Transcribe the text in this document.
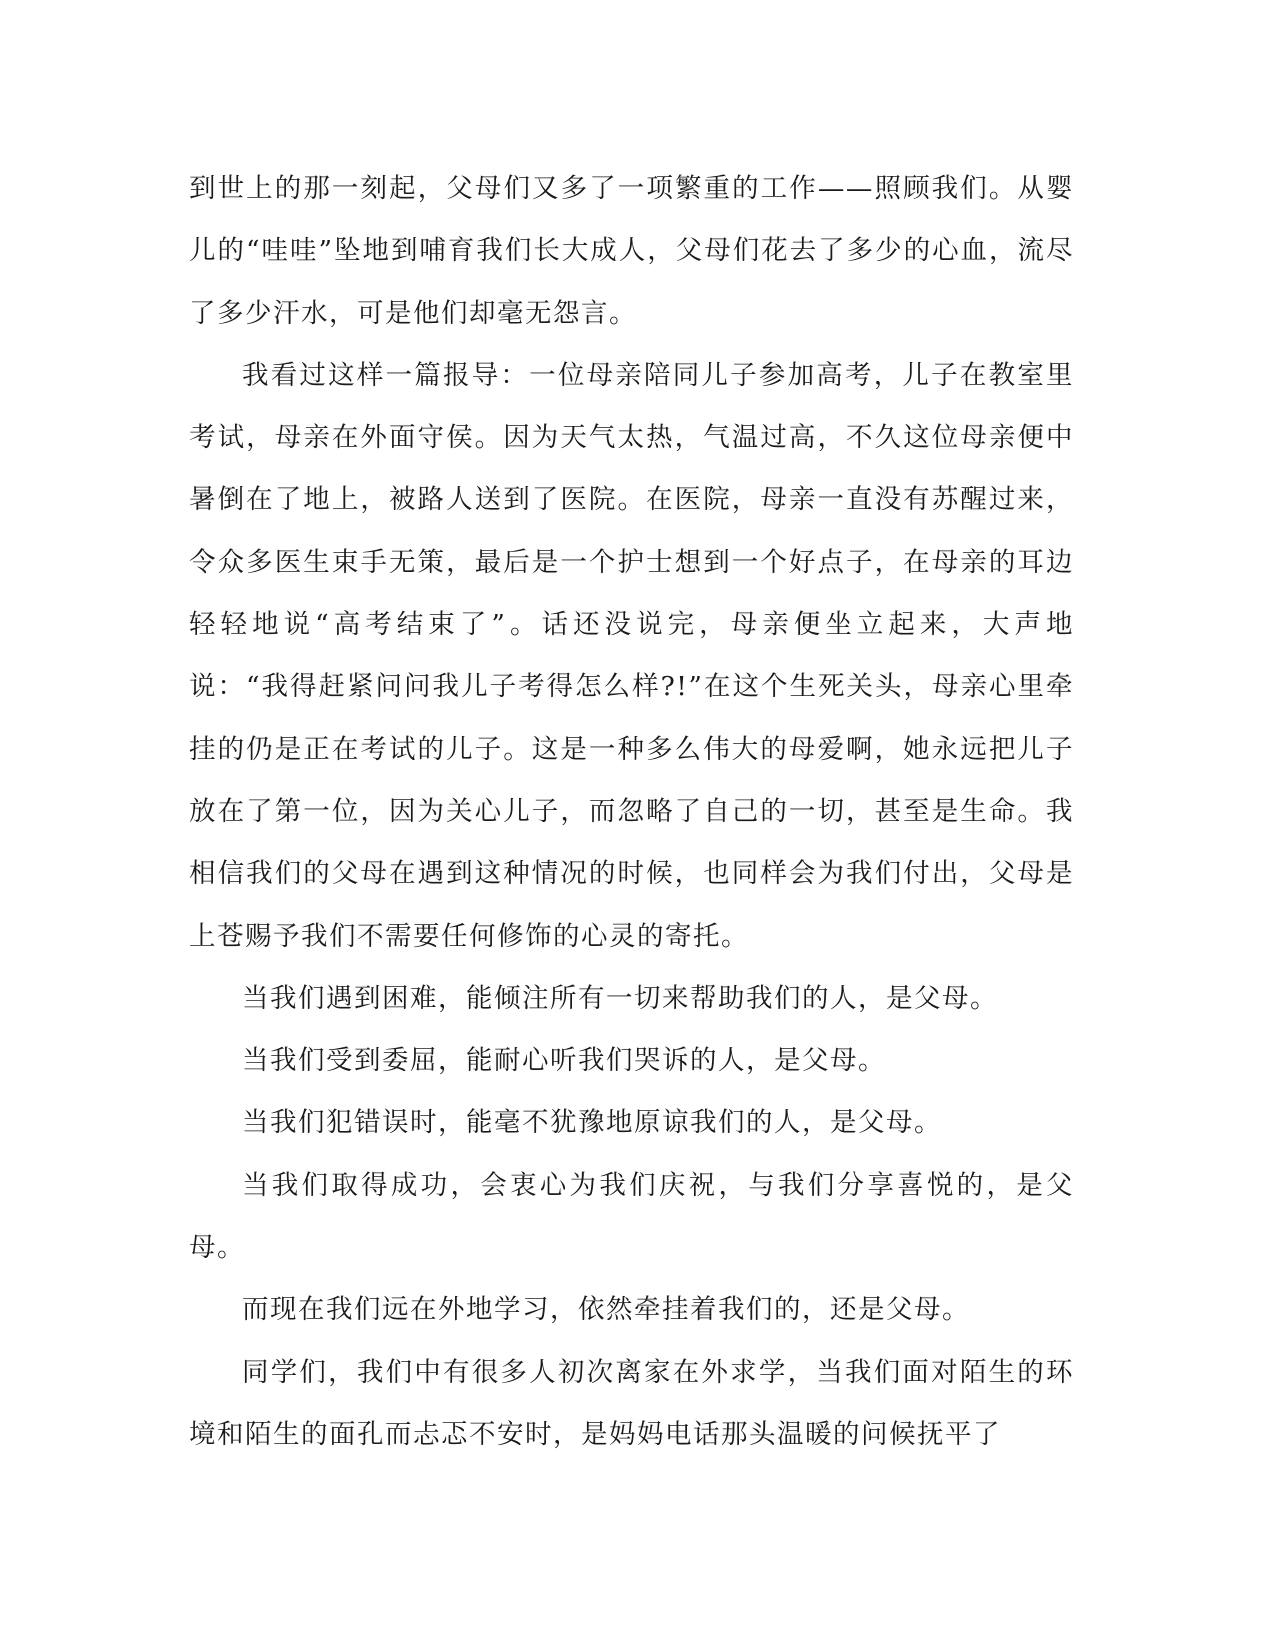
到世上的那一刻起，父母们又多了一项繁重的工作——照顾我们。从婴儿的“哇哇”坠地到哺育我们长大成人，父母们花去了多少的心血，流尽了多少汗水，可是他们却毫无怨言。

我看过这样一篇报导：一位母亲陪同儿子参加高考，儿子在教室里考试，母亲在外面守侯。因为天气太热，气温过高，不久这位母亲便中暑倒在了地上，被路人送到了医院。在医院，母亲一直没有苏醒过来，令众多医生束手无策，最后是一个护士想到一个好点子，在母亲的耳边轻轻地说“高考结束了”。话还没说完，母亲便坐立起来，大声地说：“我得赶紧问问我儿子考得怎么样?!”在这个生死关头，母亲心里牵挂的仍是正在考试的儿子。这是一种多么伟大的母爱啊，她永远把儿子放在了第一位，因为关心儿子，而忽略了自己的一切，甚至是生命。我相信我们的父母在遇到这种情况的时候，也同样会为我们付出，父母是上苍赐予我们不需要任何修饰的心灵的寄托。

当我们遇到困难，能倾注所有一切来帮助我们的人，是父母。

当我们受到委屈，能耐心听我们哭诉的人，是父母。

当我们犯错误时，能毫不犹豫地原谅我们的人，是父母。

当我们取得成功，会衷心为我们庆祝，与我们分享喜悦的，是父母。

而现在我们远在外地学习，依然牵挂着我们的，还是父母。

同学们，我们中有很多人初次离家在外求学，当我们面对陌生的环境和陌生的面孔而忐忑不安时，是妈妈电话那头温暖的问候抚平了
